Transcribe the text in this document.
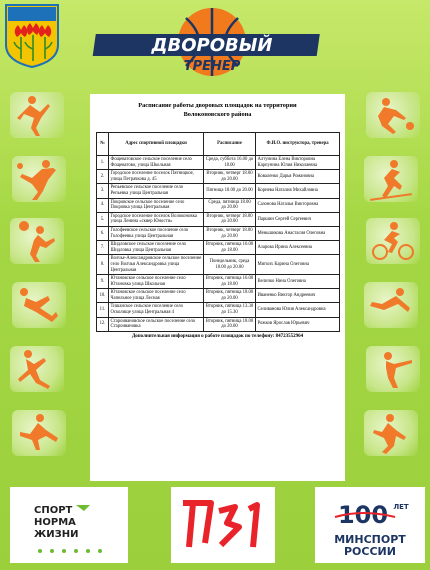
ДВОРОВЫЙ
ТРЕНЕР
Расписание работы дворовых площадок на территории
Волоконовского района
№	Адрес спортивной площадки	Расписание	Ф.И.О. инструктора, тренера
1.	Фощеватовское сельское поселение село Фощеватово, улица Школьная	Среда, суббота 16.00 до 18.00	Алтунина Елена Викторовна Карпунина Юлия Николаевна
2.	Городское поселение поселок Пятницкое, улица Петрачкова д. 45	Вторник, четверг 18.00 до 20.00	Коваленко Дарья Романовна
3.	Репьевское сельское поселение село Репьевка улица Центральная	Пятница 18.00 до 20.00	Корнева Наталия Михайловна
4.	Покровское сельское поселение село Покровка улица Центральная	Среда, пятница 18.00 до 20.00	Сазонова Наталья Викторовна
5.	Городское поселение поселок Волоконовка улица Ленина «сквер Юности»	Вторник, четверг 18.00 до 20.00	Паршин Сергей Сергеевич
6.	Голофеевское сельское поселение село Голофеевка улица Центральная	Вторник, четверг 18.00 до 20.00	Меньшикова Анастасия Олеговна
7.	Шидловское сельское поселение село Шидловка улица Центральная	Вторник, пятница 16.00 до 18.00	Азарова Ирина Алексеевна
8.	Волчье-Александровское сельское поселение село Волчья Александровка улица Центральная	Понедельник, среда 18.00 до 20.00	Мигких Карина Олеговна
9.	Ютановское сельское поселение село Ютановка улица Школьная	Вторник, пятница 16.00 до 18.00	Величко Нина Олеговна
10.	Ютановское сельское поселение село Чапельное улица Лесная	Вторник, пятница 18.00 до 20.00	Иваненко Виктор Андреевич
11.	Тишанское сельское поселение село Осколище улица Центральная 4	Вторник, пятница 13.30 до 15.30	Селиванова Юлия Александровна
12.	Староивановское сельское поселение село Староивановка	Вторник, пятница 18.00 до 20.00	Рожков Ярослав Юрьевич
Дополнительная информация о работе площадок по телефону: 84723552964
СПОРТ
НОРМА
ЖИЗНИ
100 ЛЕТ
МИНСПОРТ
РОССИИ
